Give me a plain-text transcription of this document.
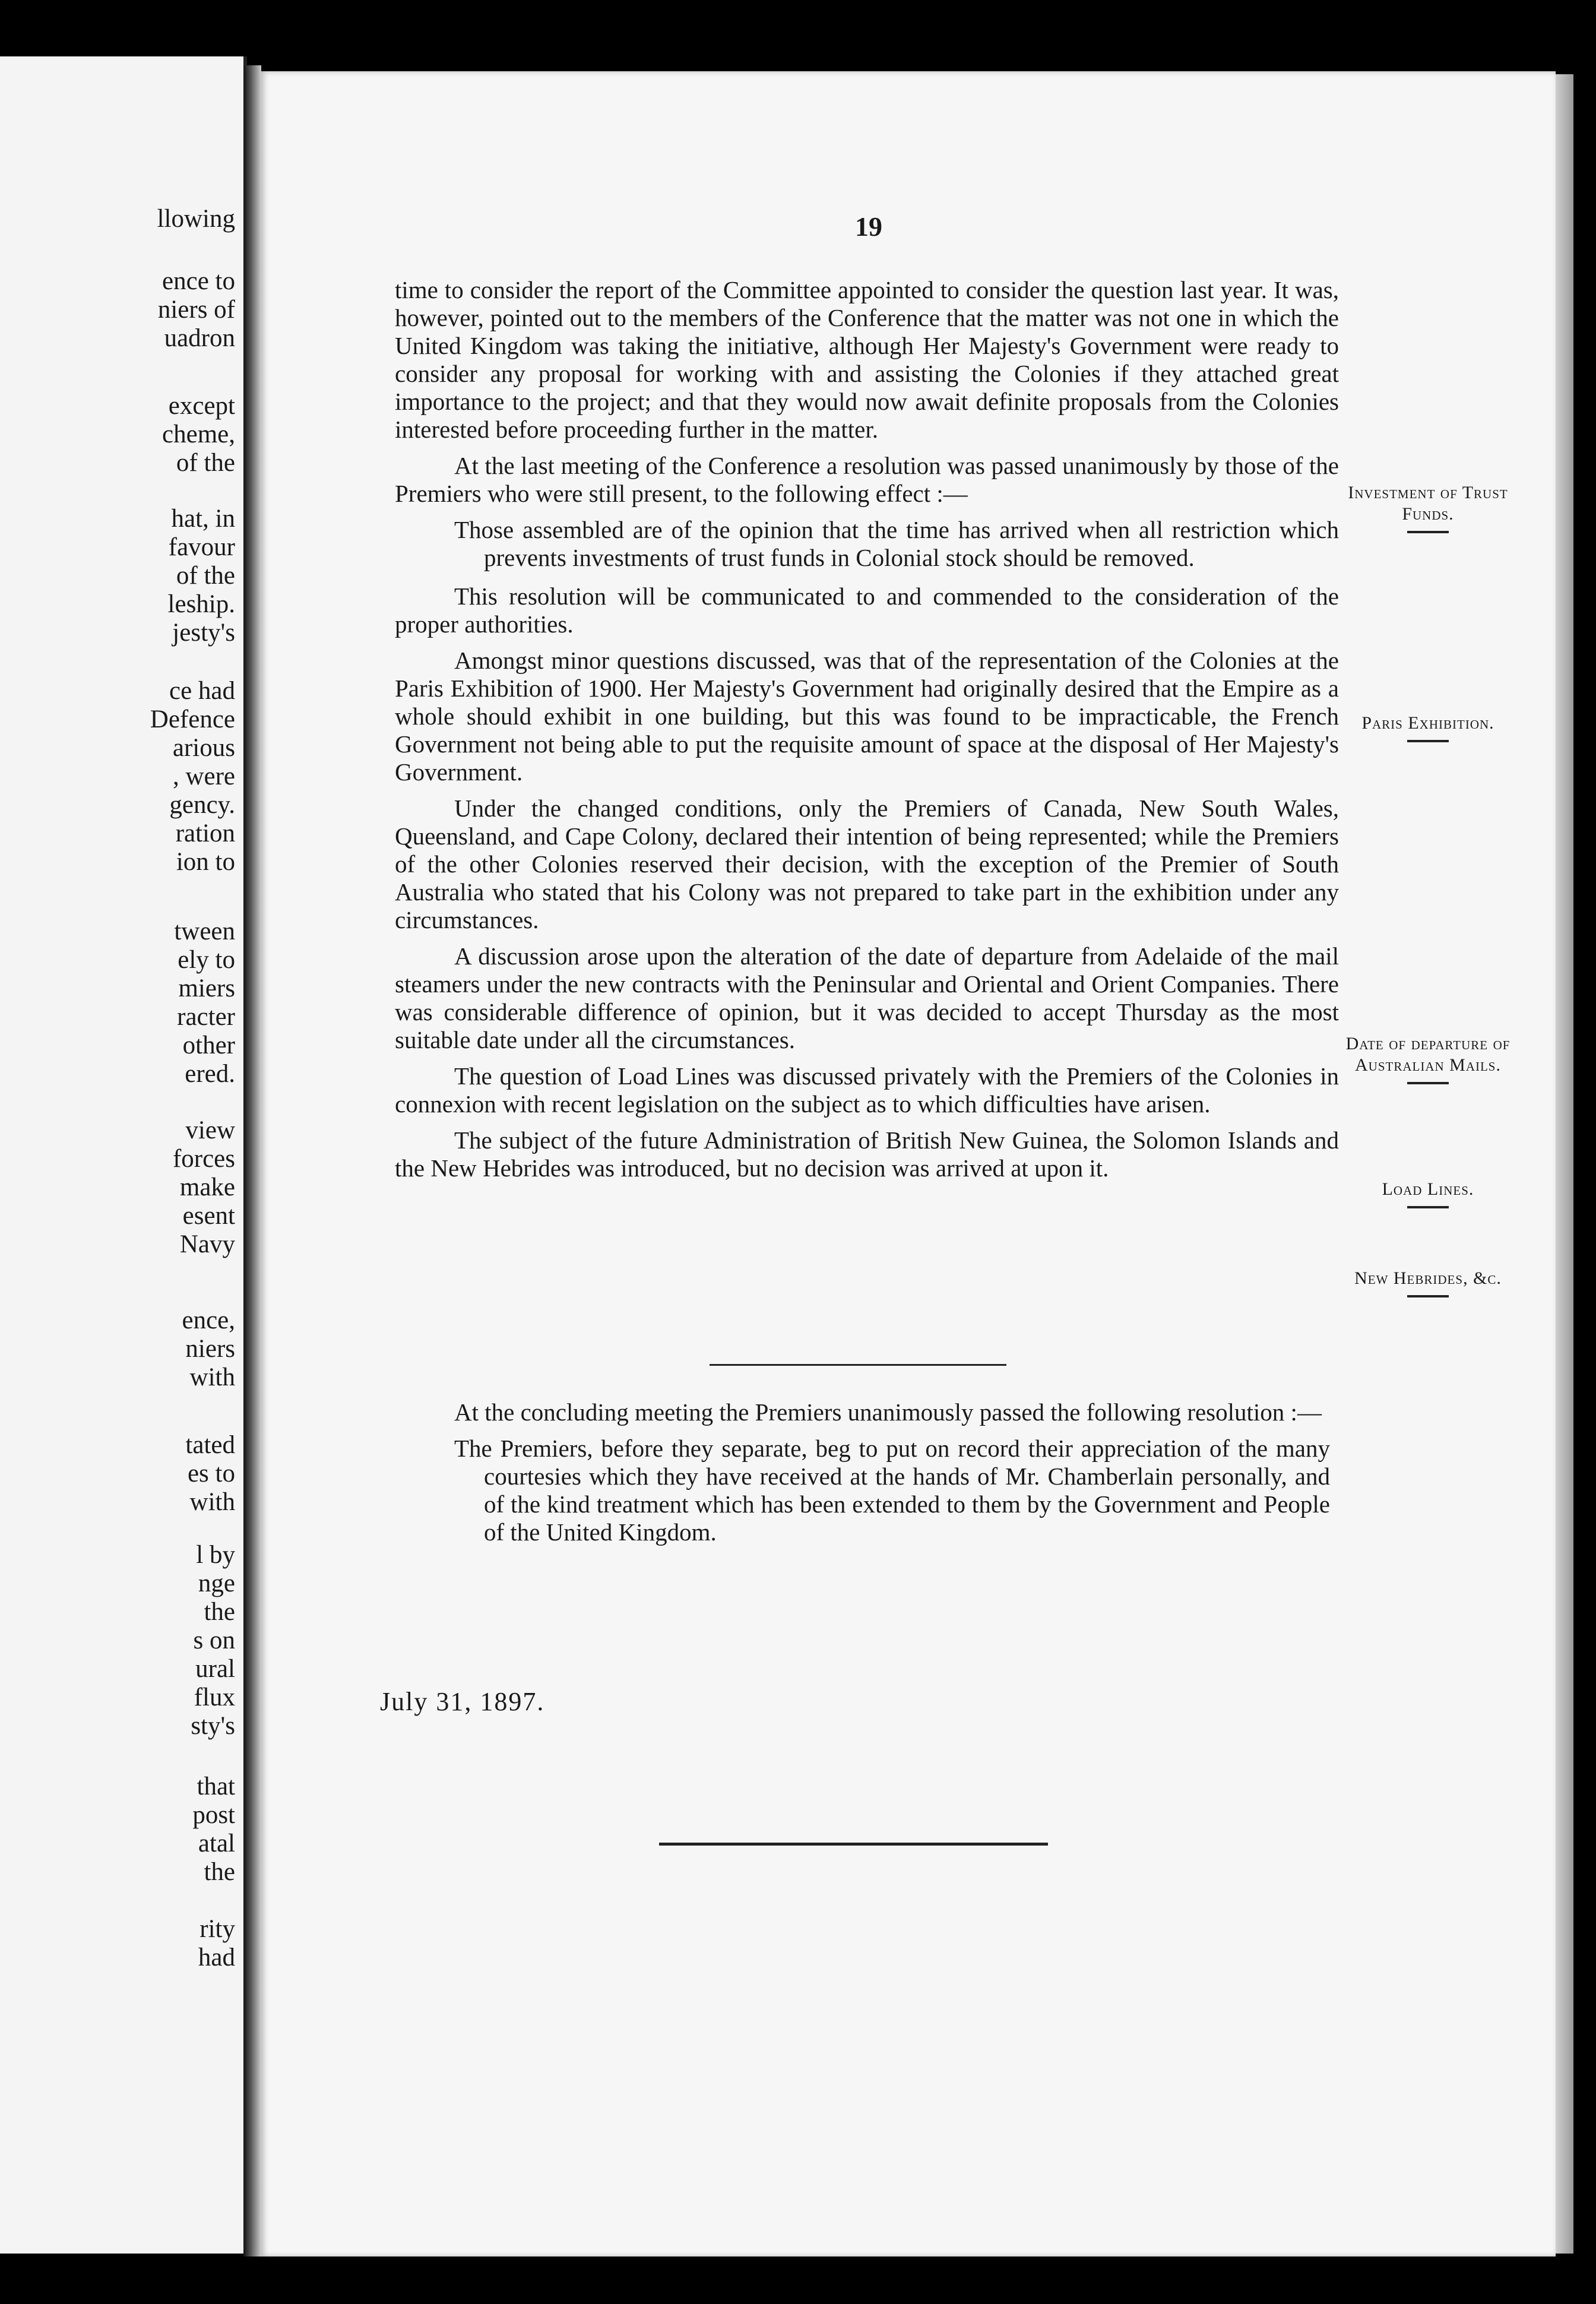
llowing
ence to
niers of
uadron
except
cheme,
of the
hat, in
favour
of the
leship.
jesty's
ce had
Defence
arious
, were
gency.
ration
ion to
tween
ely to
miers
racter
other
ered.
view
forces
make
esent
Navy
ence,
niers
with
tated
es to
with
l by
nge
the
s on
ural
flux
sty's
that
post
atal
the
rity
had
19

time to consider the report of the Committee appointed to consider the question last year. It was, however, pointed out to the members of the Conference that the matter was not one in which the United Kingdom was taking the initiative, although Her Majesty's Government were ready to consider any proposal for working with and assisting the Colonies if they attached great importance to the project; and that they would now await definite proposals from the Colonies interested before proceeding further in the matter.

At the last meeting of the Conference a resolution was passed unanimously by those of the Premiers who were still present, to the following effect :—

Those assembled are of the opinion that the time has arrived when all restriction which prevents investments of trust funds in Colonial stock should be removed.

This resolution will be communicated to and commended to the consideration of the proper authorities.

Amongst minor questions discussed, was that of the representation of the Colonies at the Paris Exhibition of 1900. Her Majesty's Government had originally desired that the Empire as a whole should exhibit in one building, but this was found to be impracticable, the French Government not being able to put the requisite amount of space at the disposal of Her Majesty's Government.

Under the changed conditions, only the Premiers of Canada, New South Wales, Queensland, and Cape Colony, declared their intention of being represented; while the Premiers of the other Colonies reserved their decision, with the exception of the Premier of South Australia who stated that his Colony was not prepared to take part in the exhibition under any circumstances.

A discussion arose upon the alteration of the date of departure from Adelaide of the mail steamers under the new contracts with the Peninsular and Oriental and Orient Companies. There was considerable difference of opinion, but it was decided to accept Thursday as the most suitable date under all the circumstances.

The question of Load Lines was discussed privately with the Premiers of the Colonies in connexion with recent legislation on the subject as to which difficulties have arisen.

The subject of the future Administration of British New Guinea, the Solomon Islands and the New Hebrides was introduced, but no decision was arrived at upon it.

At the concluding meeting the Premiers unanimously passed the following resolution :—

The Premiers, before they separate, beg to put on record their appreciation of the many courtesies which they have received at the hands of Mr. Chamberlain personally, and of the kind treatment which has been extended to them by the Government and People of the United Kingdom.

July 31, 1897.
Investment of Trust Funds.
Paris Exhibition.
Date of departure of Australian Mails.
Load Lines.
New Hebrides, &c.
